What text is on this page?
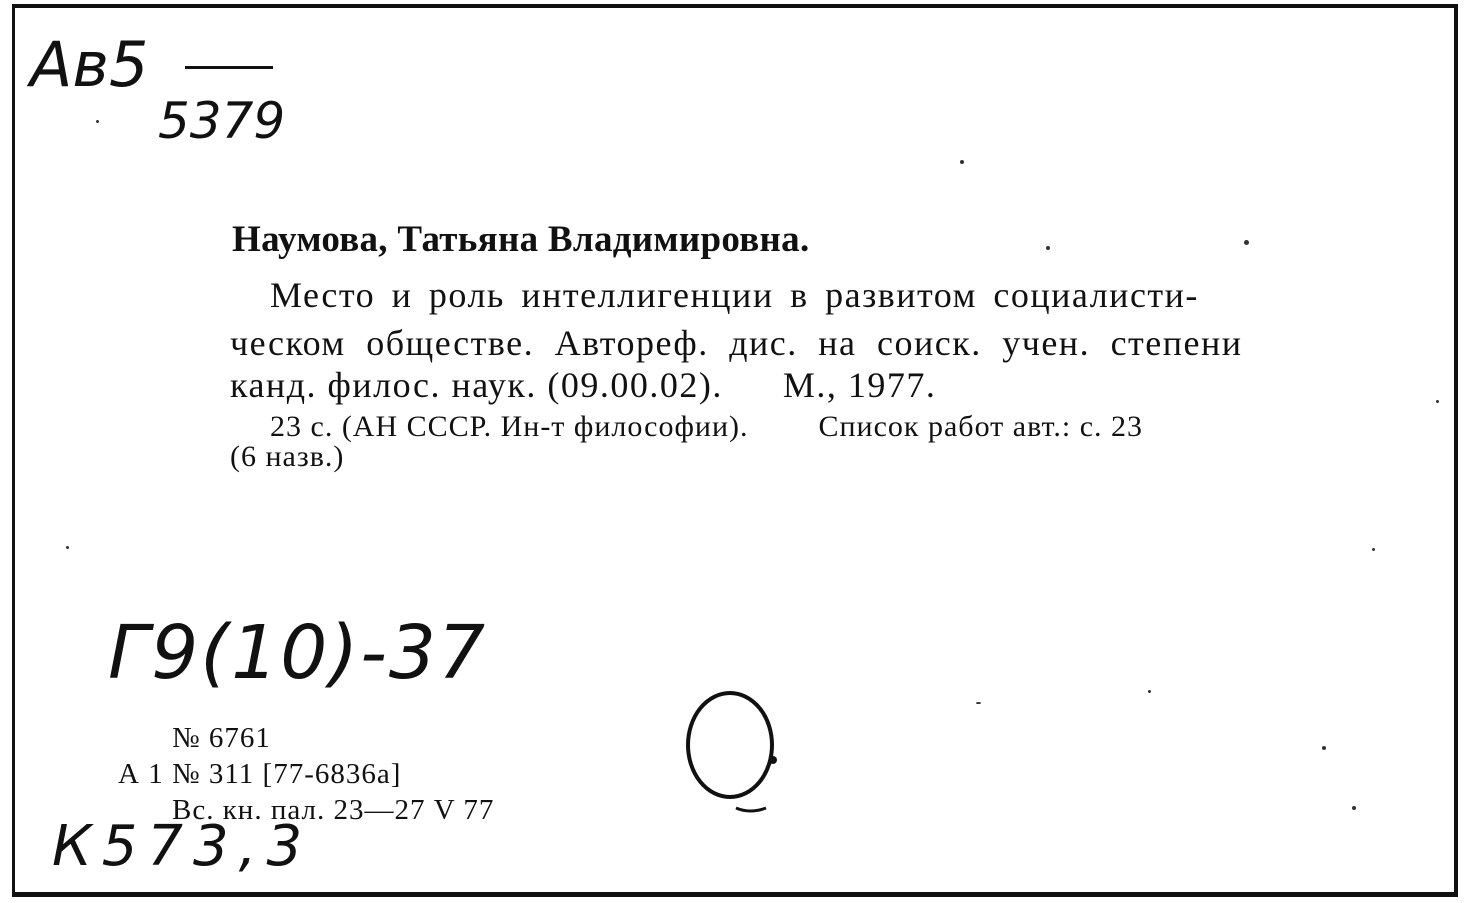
Ав5
5379
Наумова, Татьяна Владимировна.
Место и роль интеллигенции в развитом социалисти-
ческом обществе. Автореф. дис. на соиск. учен. степени
канд. филос. наук. (09.00.02). М., 1977.
23 с. (АН СССР. Ин-т философии). Список работ авт.: с. 23
(6 назв.)
Г9(10)-37
№ 6761
А 1 № 311 [77-6836а]
Вс. кн. пал. 23—27 V 77
К573,3
